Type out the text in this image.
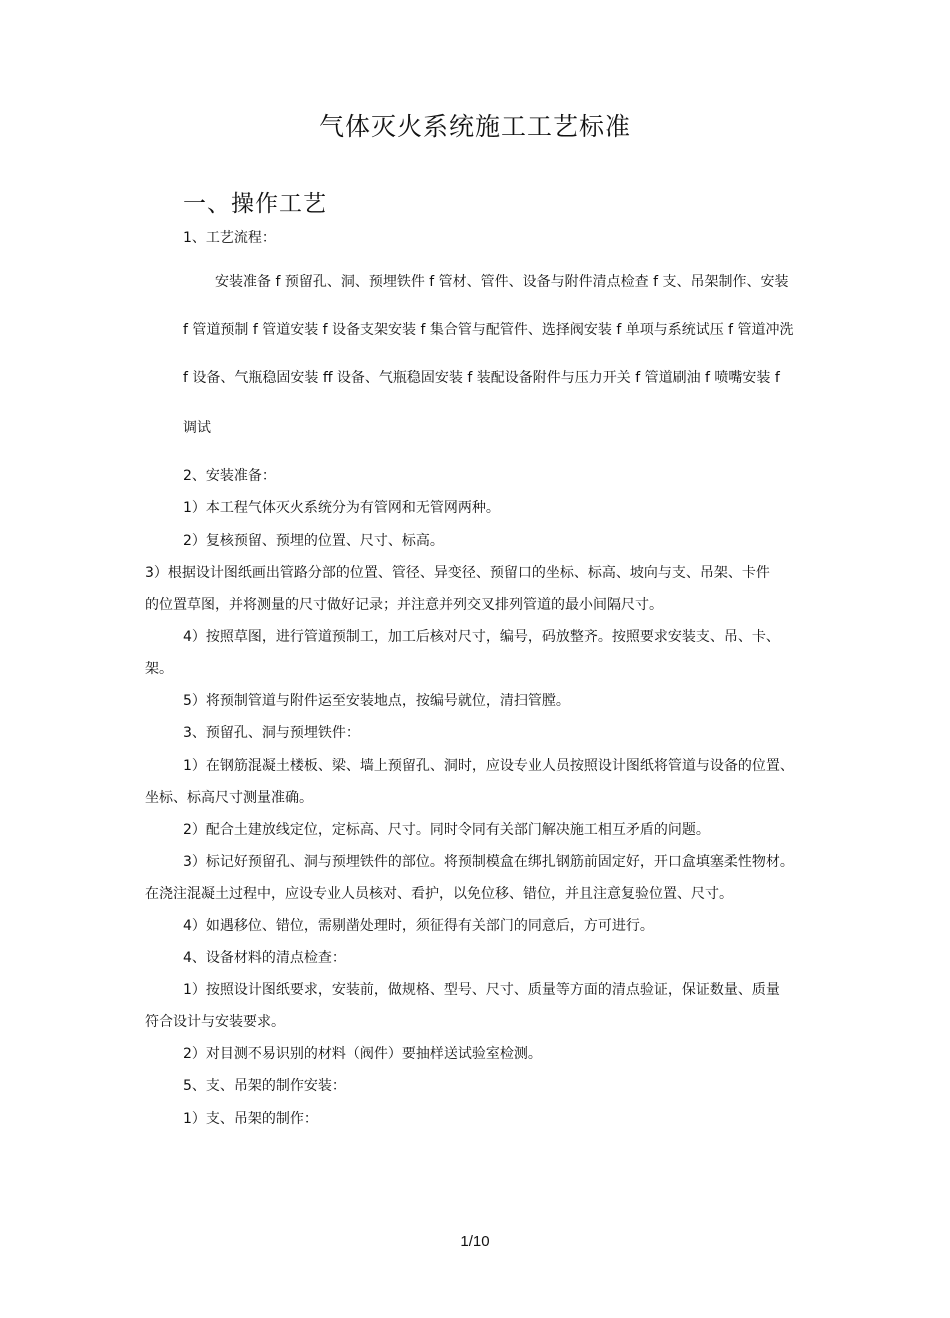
气体灭火系统施工工艺标准
一、操作工艺
1、工艺流程：
安装准备 f 预留孔、洞、预埋铁件 f 管材、管件、设备与附件清点检查 f 支、吊架制作、安装
f 管道预制 f 管道安装 f 设备支架安装 f 集合管与配管件、选择阀安装 f 单项与系统试压 f 管道冲洗
f 设备、气瓶稳固安装 ff 设备、气瓶稳固安装 f 装配设备附件与压力开关 f 管道刷油 f 喷嘴安装 f
调试
2、安装准备：
1）本工程气体灭火系统分为有管网和无管网两种。
2）复核预留、预埋的位置、尺寸、标高。
3）根据设计图纸画出管路分部的位置、管径、异变径、预留口的坐标、标高、坡向与支、吊架、卡件
的位置草图，并将测量的尺寸做好记录；并注意并列交叉排列管道的最小间隔尺寸。
4）按照草图，进行管道预制工，加工后核对尺寸，编号，码放整齐。按照要求安装支、吊、卡、
架。
5）将预制管道与附件运至安装地点，按编号就位，清扫管膛。
3、预留孔、洞与预埋铁件：
1）在钢筋混凝土楼板、梁、墙上预留孔、洞时，应设专业人员按照设计图纸将管道与设备的位置、
坐标、标高尺寸测量准确。
2）配合土建放线定位，定标高、尺寸。同时令同有关部门解决施工相互矛盾的问题。
3）标记好预留孔、洞与预埋铁件的部位。将预制模盒在绑扎钢筋前固定好，开口盒填塞柔性物材。
在浇注混凝土过程中，应设专业人员核对、看护，以免位移、错位，并且注意复验位置、尺寸。
4）如遇移位、错位，需剔凿处理时，须征得有关部门的同意后，方可进行。
4、设备材料的清点检查：
1）按照设计图纸要求，安装前，做规格、型号、尺寸、质量等方面的清点验证，保证数量、质量
符合设计与安装要求。
2）对目测不易识别的材料（阀件）要抽样送试验室检测。
5、支、吊架的制作安装：
1）支、吊架的制作：
1/10
